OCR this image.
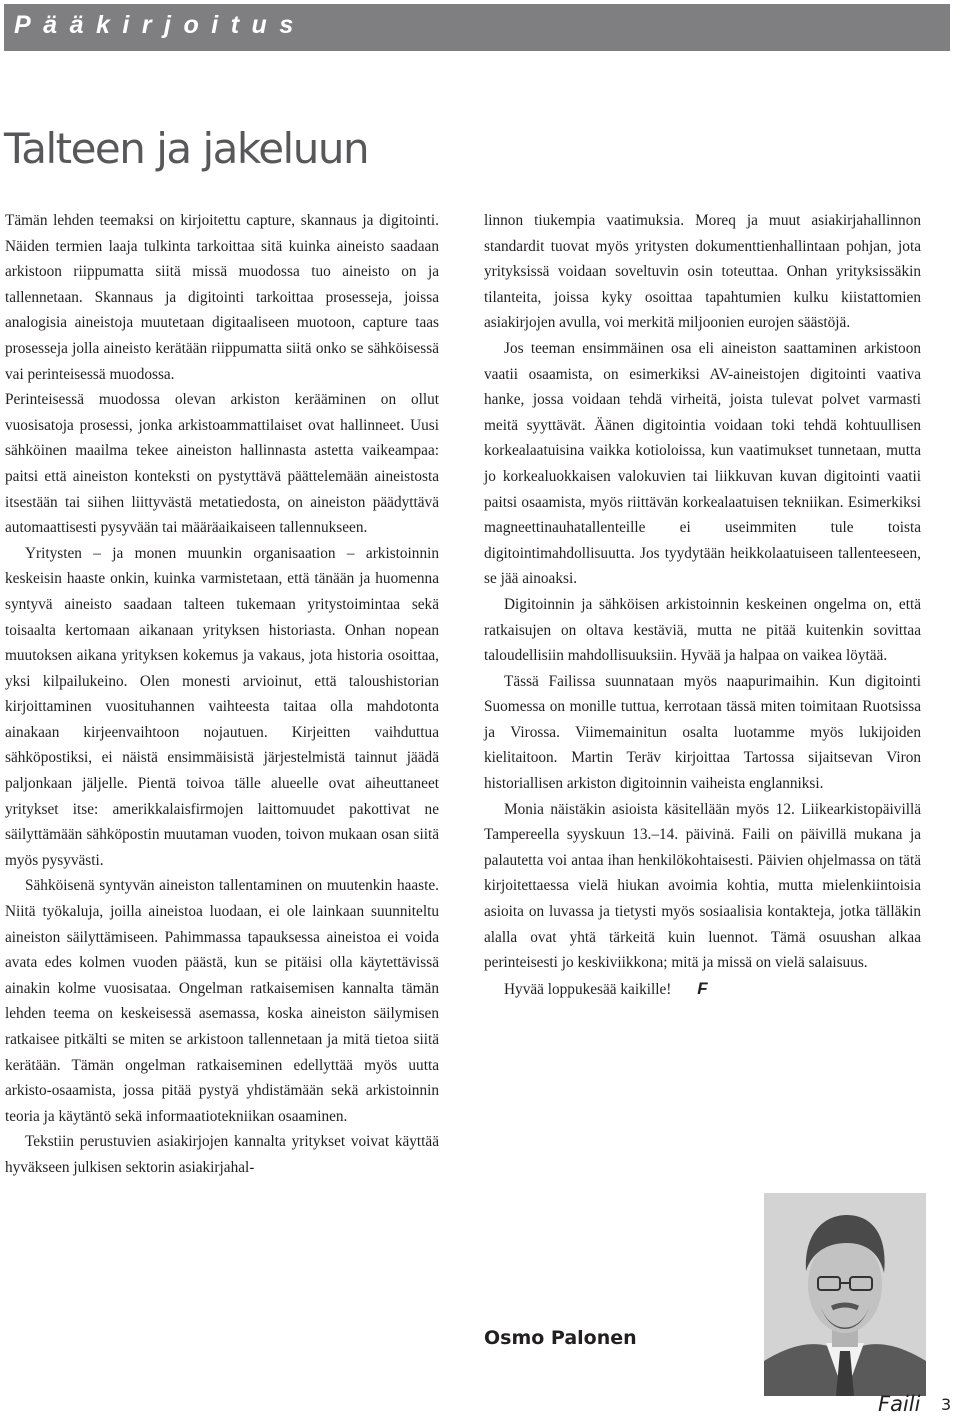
Pääkirjoitus
Talteen ja jakeluun

Tämän lehden teemaksi on kirjoitettu capture, skannaus ja digitointi. Näiden termien laaja tulkinta tarkoittaa sitä kuinka aineisto saadaan arkistoon riippumatta siitä missä muodossa tuo aineisto on ja tallennetaan. Skannaus ja digitointi tarkoittaa prosesseja, joissa analogisia aineistoja muutetaan digitaaliseen muotoon, capture taas prosesseja jolla aineisto kerätään riippumatta siitä onko se sähköisessä vai perinteisessä muodossa.

Perinteisessä muodossa olevan arkiston kerääminen on ollut vuosisatoja prosessi, jonka arkistoammattilaiset ovat hallinneet. Uusi sähköinen maailma tekee aineiston hallinnasta astetta vaikeampaa: paitsi että aineiston konteksti on pystyttävä päättelemään aineistosta itsestään tai siihen liittyvästä metatiedosta, on aineiston päädyttävä automaattisesti pysyvään tai määräaikaiseen tallennukseen.

Yritysten – ja monen muunkin organisaation – arkistoinnin keskeisin haaste onkin, kuinka varmistetaan, että tänään ja huomenna syntyvä aineisto saadaan talteen tukemaan yritystoimintaa sekä toisaalta kertomaan aikanaan yrityksen historiasta. Onhan nopean muutoksen aikana yrityksen kokemus ja vakaus, jota historia osoittaa, yksi kilpailukeino. Olen monesti arvioinut, että taloushistorian kirjoittaminen vuosituhannen vaihteesta taitaa olla mahdotonta ainakaan kirjeenvaihtoon nojautuen. Kirjeitten vaihduttua sähköpostiksi, ei näistä ensimmäisistä järjestelmistä tainnut jäädä paljonkaan jäljelle. Pientä toivoa tälle alueelle ovat aiheuttaneet yritykset itse: amerikkalaisfirmojen laittomuudet pakottivat ne säilyttämään sähköpostin muutaman vuoden, toivon mukaan osan siitä myös pysyvästi.

Sähköisenä syntyvän aineiston tallentaminen on muutenkin haaste. Niitä työkaluja, joilla aineistoa luodaan, ei ole lainkaan suunniteltu aineiston säilyttämiseen. Pahimmassa tapauksessa aineistoa ei voida avata edes kolmen vuoden päästä, kun se pitäisi olla käytettävissä ainakin kolme vuosisataa. Ongelman ratkaisemisen kannalta tämän lehden teema on keskeisessä asemassa, koska aineiston säilymisen ratkaisee pitkälti se miten se arkistoon tallennetaan ja mitä tietoa siitä kerätään. Tämän ongelman ratkaiseminen edellyttää myös uutta arkisto-osaamista, jossa pitää pystyä yhdistämään sekä arkistoinnin teoria ja käytäntö sekä informaatiotekniikan osaaminen.

Tekstiin perustuvien asiakirjojen kannalta yritykset voivat käyttää hyväkseen julkisen sektorin asiakirjahal-

linnon tiukempia vaatimuksia. Moreq ja muut asiakirjahallinnon standardit tuovat myös yritysten dokumenttienhallintaan pohjan, jota yrityksissä voidaan soveltuvin osin toteuttaa. Onhan yrityksissäkin tilanteita, joissa kyky osoittaa tapahtumien kulku kiistattomien asiakirjojen avulla, voi merkitä miljoonien eurojen säästöjä.

Jos teeman ensimmäinen osa eli aineiston saattaminen arkistoon vaatii osaamista, on esimerkiksi AV-aineistojen digitointi vaativa hanke, jossa voidaan tehdä virheitä, joista tulevat polvet varmasti meitä syyttävät. Äänen digitointia voidaan toki tehdä kohtuullisen korkealaatuisina vaikka kotioloissa, kun vaatimukset tunnetaan, mutta jo korkealuokkaisen valokuvien tai liikkuvan kuvan digitointi vaatii paitsi osaamista, myös riittävän korkealaatuisen tekniikan. Esimerkiksi magneettinauhatallenteille ei useimmiten tule toista digitointimahdollisuutta. Jos tyydytään heikkolaatuiseen tallenteeseen, se jää ainoaksi.

Digitoinnin ja sähköisen arkistoinnin keskeinen ongelma on, että ratkaisujen on oltava kestäviä, mutta ne pitää kuitenkin sovittaa taloudellisiin mahdollisuuksiin. Hyvää ja halpaa on vaikea löytää.

Tässä Failissa suunnataan myös naapurimaihin. Kun digitointi Suomessa on monille tuttua, kerrotaan tässä miten toimitaan Ruotsissa ja Virossa. Viimemainitun osalta luotamme myös lukijoiden kielitaitoon. Martin Teräv kirjoittaa Tartossa sijaitsevan Viron historiallisen arkiston digitoinnin vaiheista englanniksi.

Monia näistäkin asioista käsitellään myös 12. Liikearkistopäivillä Tampereella syyskuun 13.–14. päivinä. Faili on päivillä mukana ja palautetta voi antaa ihan henkilökohtaisesti. Päivien ohjelmassa on tätä kirjoitettaessa vielä hiukan avoimia kohtia, mutta mielenkiintoisia asioita on luvassa ja tietysti myös sosiaalisia kontakteja, jotka tälläkin alalla ovat yhtä tärkeitä kuin luennot. Tämä osuushan alkaa perinteisesti jo keskiviikkona; mitä ja missä on vielä salaisuus.

Hyvää loppukesää kaikille! F

Osmo Palonen
Faili 3
